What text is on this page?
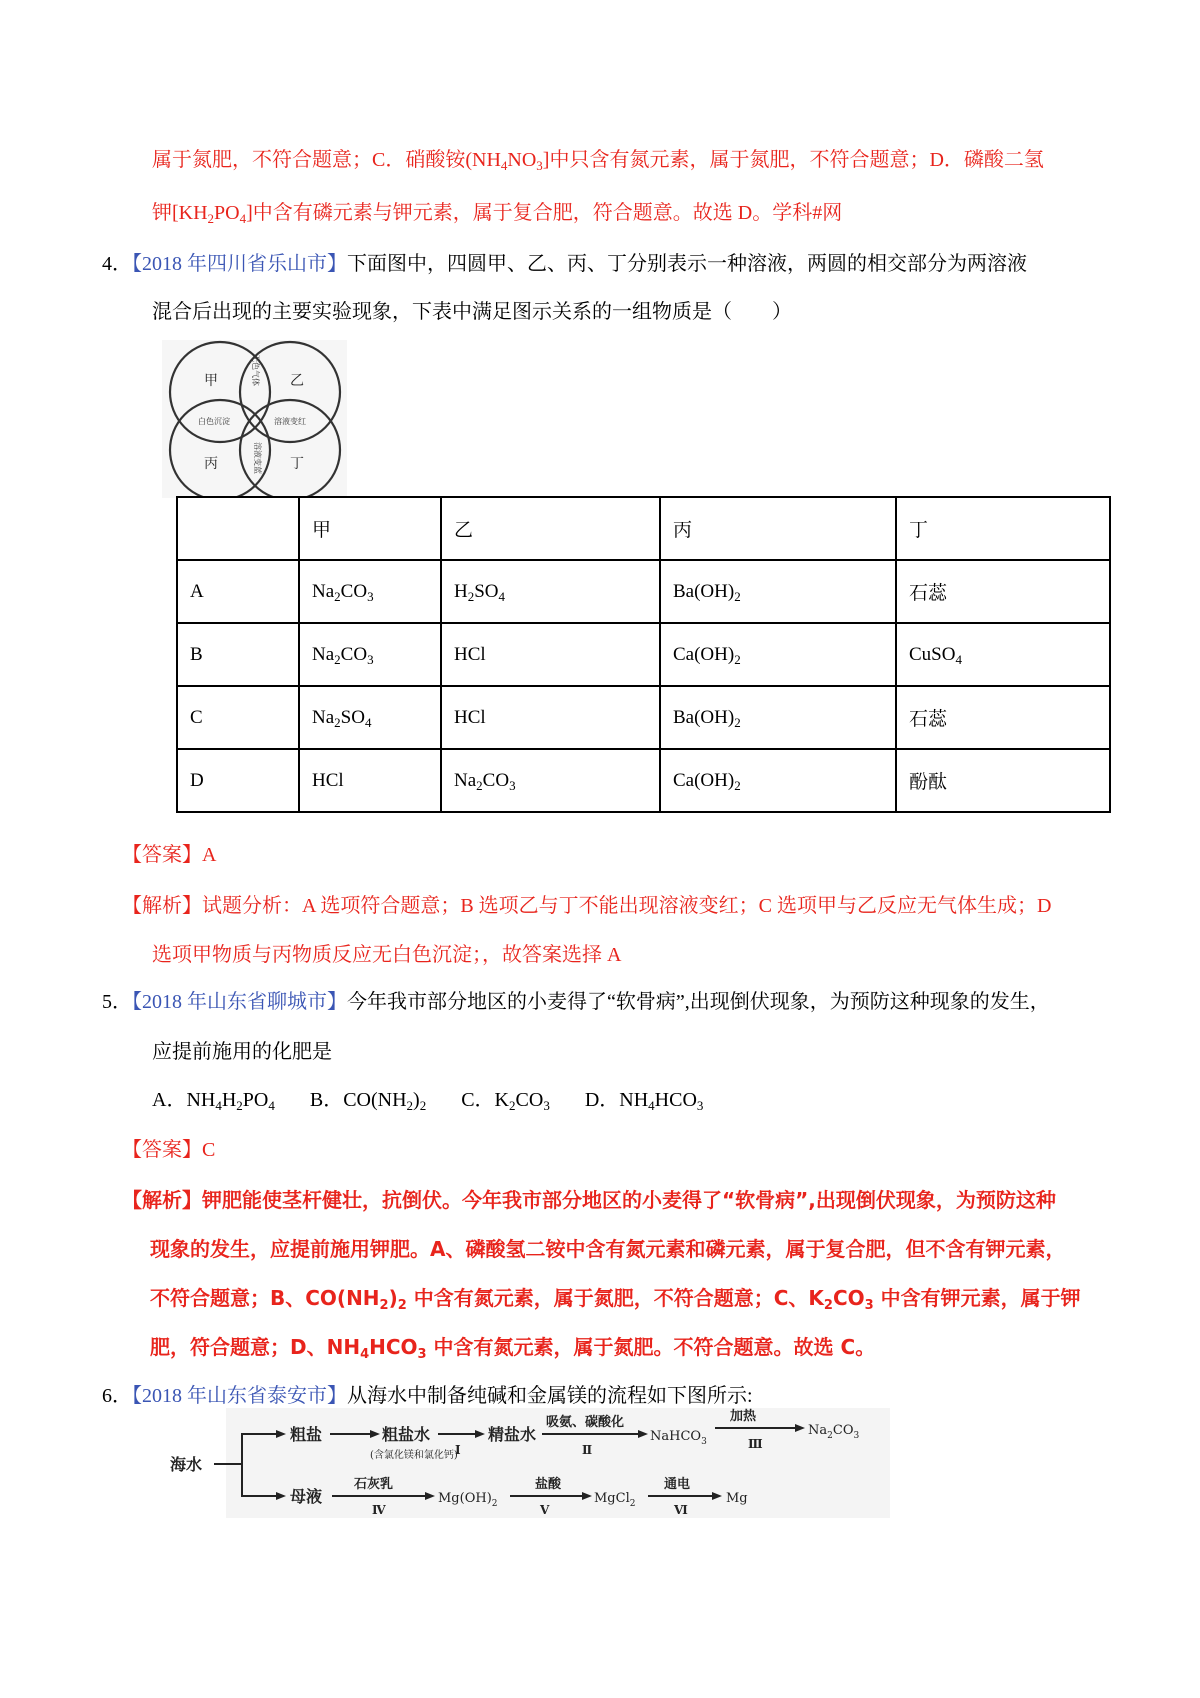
属于氮肥，不符合题意；C．硝酸铵$(NH_4NO_3]$中只含有氮元素，属于氮肥，不符合题意；D．磷酸二氢
钾$[KH_2PO_4]$中含有磷元素与钾元素，属于复合肥，符合题意。故选 D。学科#网
4．【2018 年四川省乐山市】下面图中，四圆甲、乙、丙、丁分别表示一种溶液，两圆的相交部分为两溶液
混合后出现的主要实验现象，下表中满足图示关系的一组物质是（　　）
甲	乙
丙	丁
无色气体
白色沉淀	溶液变红
溶液变蓝
	甲	乙	丙	丁
A	$Na_2CO_3$	$H_2SO_4$	$Ba(OH)_2$	石蕊
B	$Na_2CO_3$	HCl	$Ca(OH)_2$	CuSO$_4$
C	$Na_2SO_4$	HCl	$Ba(OH)_2$	石蕊
D	HCl	$Na_2CO_3$	$Ca(OH)_2$	酚酞
【答案】A
【解析】试题分析：A 选项符合题意；B 选项乙与丁不能出现溶液变红；C 选项甲与乙反应无气体生成；D
选项甲物质与丙物质反应无白色沉淀；，故答案选择 A
5．【2018 年山东省聊城市】今年我市部分地区的小麦得了“软骨病”,出现倒伏现象，为预防这种现象的发生，
应提前施用的化肥是
A．$NH_4H_2PO_4$ B．$CO(NH_2)_2$ C．$K_2CO_3$ D．$NH_4HCO_3$
【答案】C
【解析】钾肥能使茎杆健壮，抗倒伏。今年我市部分地区的小麦得了“软骨病”,出现倒伏现象，为预防这种
现象的发生，应提前施用钾肥。A、磷酸氢二铵中含有氮元素和磷元素，属于复合肥，但不含有钾元素，
不符合题意；B、$CO(NH_2)_2$ 中含有氮元素，属于氮肥，不符合题意；C、$K_2CO_3$ 中含有钾元素，属于钾
肥，符合题意；D、$NH_4HCO_3$ 中含有氮元素，属于氮肥。不符合题意。故选 C。
6．【2018 年山东省泰安市】从海水中制备纯碱和金属镁的流程如下图所示:
海水
粗盐	粗盐水
(含氯化镁和氯化钙)
Ⅰ
精盐水
吸氨、碳酸化
Ⅱ
NaHCO$_3$
加热
Ⅲ
$Na_2CO_3$
母液
石灰乳
Ⅳ
$Mg(OH)_2$
盐酸
Ⅴ
MgCl$_2$
通电
Ⅵ
Mg
